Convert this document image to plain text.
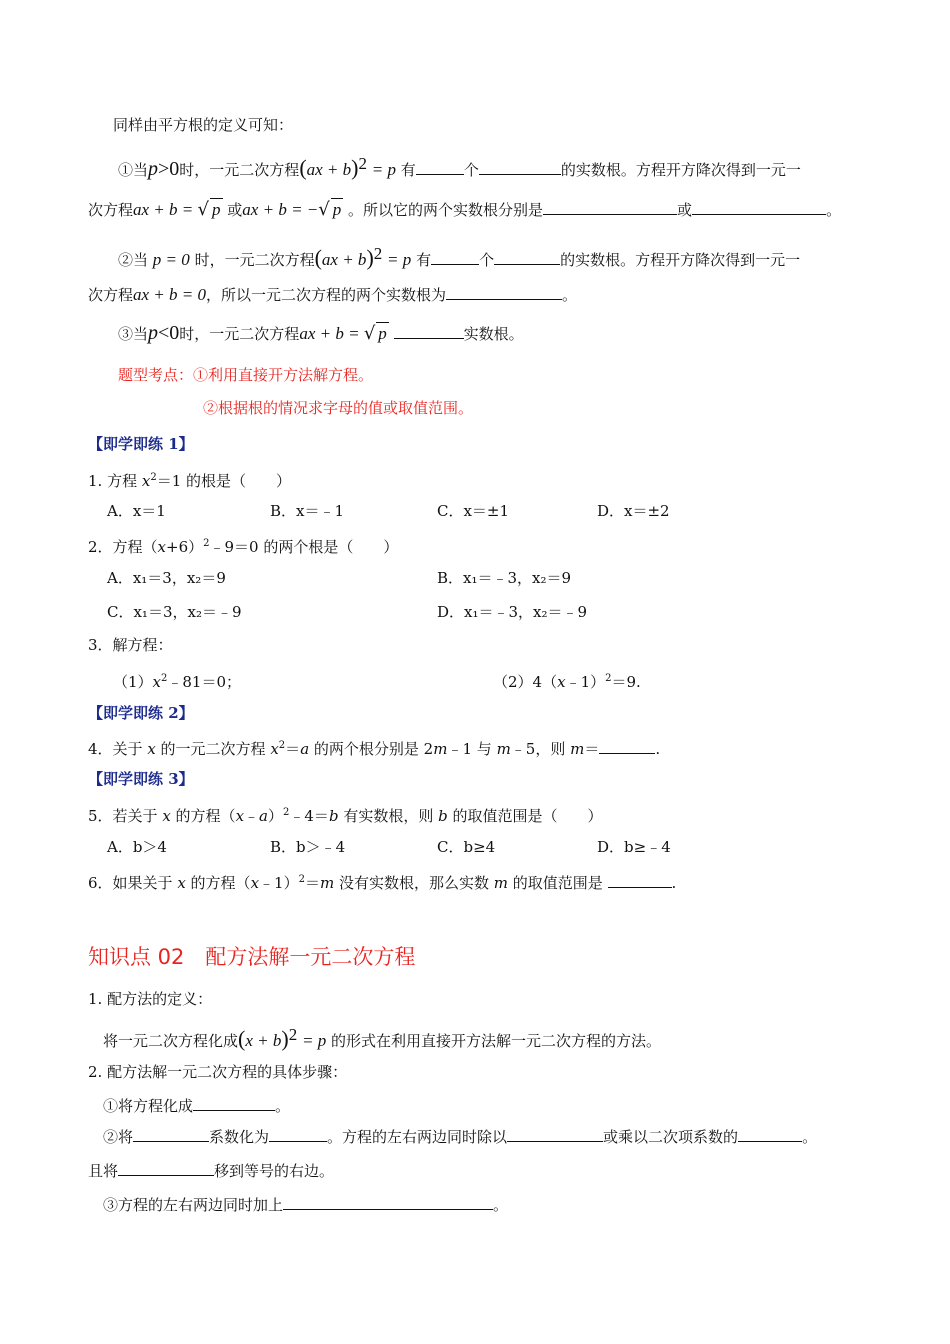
同样由平方根的定义可知：
①当p>0时，一元二次方程(ax + b)$^2$ = p 有	个	的实数根。方程开方降次得到一元一
次方程ax + b = √ p 或ax + b = −√ p 。所以它的两个实数根分别是	或	。
②当 p = 0 时，一元二次方程(ax + b)$^2$ = p 有	个	的实数根。方程开方降次得到一元一
次方程ax + b = 0，所以一元二次方程的两个实数根为	。
③当p<0时，一元二次方程ax + b = √ p	实数根。
题型考点：①利用直接开方法解方程。
②根据根的情况求字母的值或取值范围。
【即学即练 1】
1. 方程 $x^2=1$ 的根是（　　）
A．x＝1	B．x＝﹣1	C．x＝±1	D．x＝±2
2．方程$(x+6)^2﹣9=0$ 的两个根是（　　）
A．x₁＝3，x₂＝9	B．x₁＝﹣3，x₂＝9
C．x₁＝3，x₂＝﹣9	D．x₁＝﹣3，x₂＝﹣9
3．解方程：
$(1)x^2﹣81=0$；	（2）4（x﹣1）$^2$＝9.
【即学即练 2】
4．关于 x 的一元二次方程 $x^2=a$ 的两个根分别是 2m﹣1 与 m﹣5，则 m＝	.
【即学即练 3】
5．若关于 x 的方程（x﹣a）$^2$﹣4＝b 有实数根，则 b 的取值范围是（　　）
A．b＞4	B．b＞﹣4	C．b≥4	D．b≥﹣4
6．如果关于 x 的方程（x﹣1）$^2$＝m 没有实数根，那么实数 m 的取值范围是	.
知识点 02　配方法解一元二次方程
1. 配方法的定义：
将一元二次方程化成$(x + b)^2 = p$ 的形式在利用直接开方法解一元二次方程的方法。
2. 配方法解一元二次方程的具体步骤：
①将方程化成	。
②将	系数化为	。方程的左右两边同时除以	或乘以二次项系数的	。
且将	移到等号的右边。
③方程的左右两边同时加上	。
